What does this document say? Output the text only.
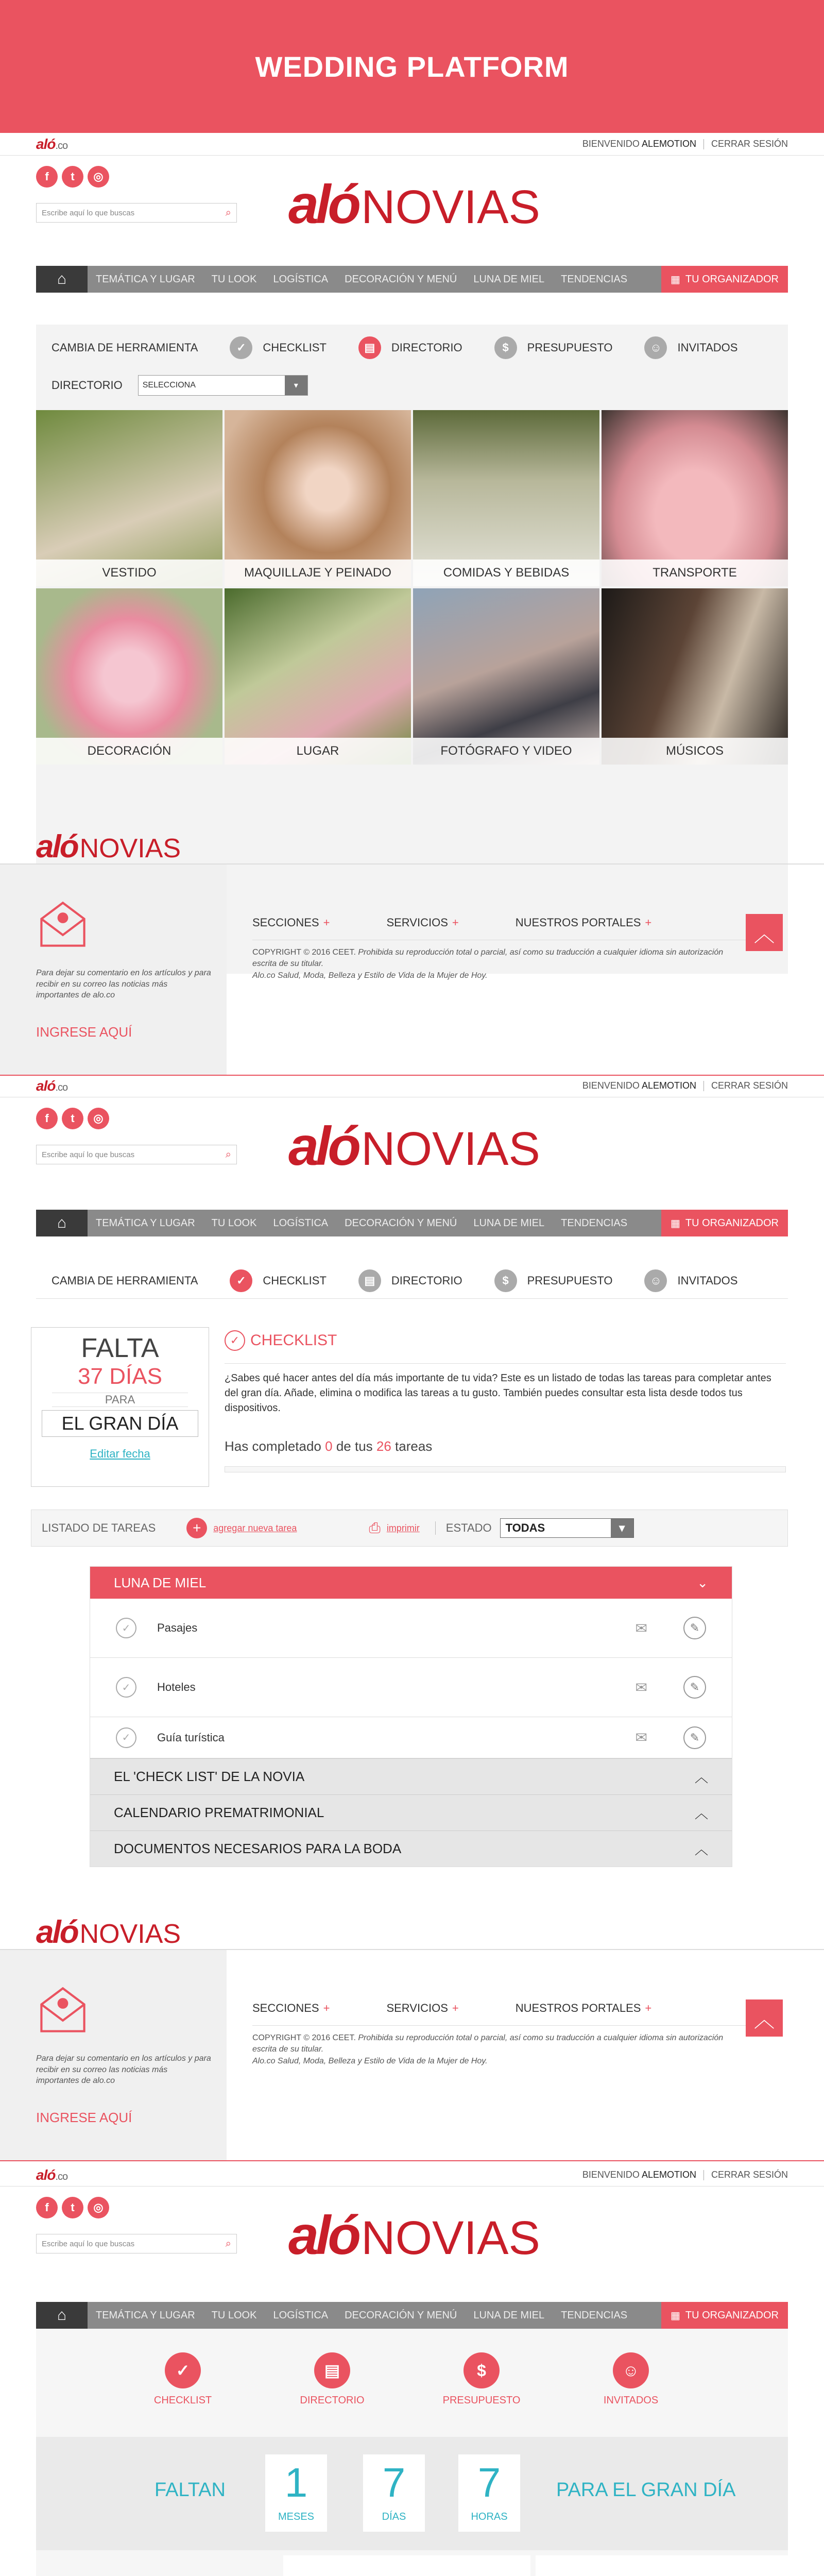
WEDDING PLATFORM
aló.co	BIENVENIDO ALEMOTION CERRAR SESIÓN
f	t	◎
Escribe aquí lo que buscas	⌕ aló NOVIAS
⌂	TEMÁTICA Y LUGAR	TU LOOK	LOGÍSTICA	DECORACIÓN Y MENÚ	LUNA DE MIEL	TENDENCIAS	▦ TU ORGANIZADOR
CAMBIA DE HERRAMIENTA	✓	CHECKLIST	▤	DIRECTORIO	$	PRESUPUESTO	☺	INVITADOS
DIRECTORIO SELECCIONA	▾
VESTIDO	MAQUILLAJE Y PEINADO	COMIDAS Y BEBIDAS	TRANSPORTE
DECORACIÓN	LUGAR	FOTÓGRAFO Y VIDEO	MÚSICOS
aló NOVIAS

Para dejar su comentario en los artículos y para recibir en su correo las noticias más importantes de alo.co

INGRESE AQUÍ
SECCIONES +	SERVICIOS +	NUESTROS PORTALES +
COPYRIGHT © 2016 CEET. Prohibida su reproducción total o parcial, así como su traducción a cualquier idioma sin autorización escrita de su titular.
Alo.co Salud, Moda, Belleza y Estilo de Vida de la Mujer de Hoy.
︿
aló.co	BIENVENIDO ALEMOTION CERRAR SESIÓN
f	t	◎
Escribe aquí lo que buscas	⌕ aló NOVIAS
⌂	TEMÁTICA Y LUGAR	TU LOOK	LOGÍSTICA	DECORACIÓN Y MENÚ	LUNA DE MIEL	TENDENCIAS	▦ TU ORGANIZADOR
CAMBIA DE HERRAMIENTA	✓	CHECKLIST	▤	DIRECTORIO	$	PRESUPUESTO	☺	INVITADOS
FALTA
37 DÍAS
PARA
EL GRAN DÍA
Editar fecha
✓ CHECKLIST
¿Sabes qué hacer antes del día más importante de tu vida? Este es un listado de todas las tareas para completar antes del gran día. Añade, elimina o modifica las tareas a tu gusto. También puedes consultar esta lista desde todos tus dispositivos.
Has completado 0 de tus 26 tareas
LISTADO DE TAREAS	+	agregar nueva tarea	⎙ imprimir	ESTADO TODAS	▾
LUNA DE MIEL	⌄
✓	Pasajes	✉	✎
✓	Hoteles	✉	✎
✓	Guía turística	✉	✎
EL 'CHECK LIST' DE LA NOVIA	︿
CALENDARIO PREMATRIMONIAL	︿
DOCUMENTOS NECESARIOS PARA LA BODA	︿
aló NOVIAS

Para dejar su comentario en los artículos y para recibir en su correo las noticias más importantes de alo.co

INGRESE AQUÍ
SECCIONES +	SERVICIOS +	NUESTROS PORTALES +
COPYRIGHT © 2016 CEET. Prohibida su reproducción total o parcial, así como su traducción a cualquier idioma sin autorización escrita de su titular.
Alo.co Salud, Moda, Belleza y Estilo de Vida de la Mujer de Hoy.
︿
aló.co	BIENVENIDO ALEMOTION CERRAR SESIÓN
f	t	◎
Escribe aquí lo que buscas	⌕ aló NOVIAS
⌂	TEMÁTICA Y LUGAR	TU LOOK	LOGÍSTICA	DECORACIÓN Y MENÚ	LUNA DE MIEL	TENDENCIAS	▦ TU ORGANIZADOR
✓
CHECKLIST
▤
DIRECTORIO
$
PRESUPUESTO
☺
INVITADOS
FALTAN	1
MESES
7
DÍAS
7
HORAS
PARA EL GRAN DÍA
